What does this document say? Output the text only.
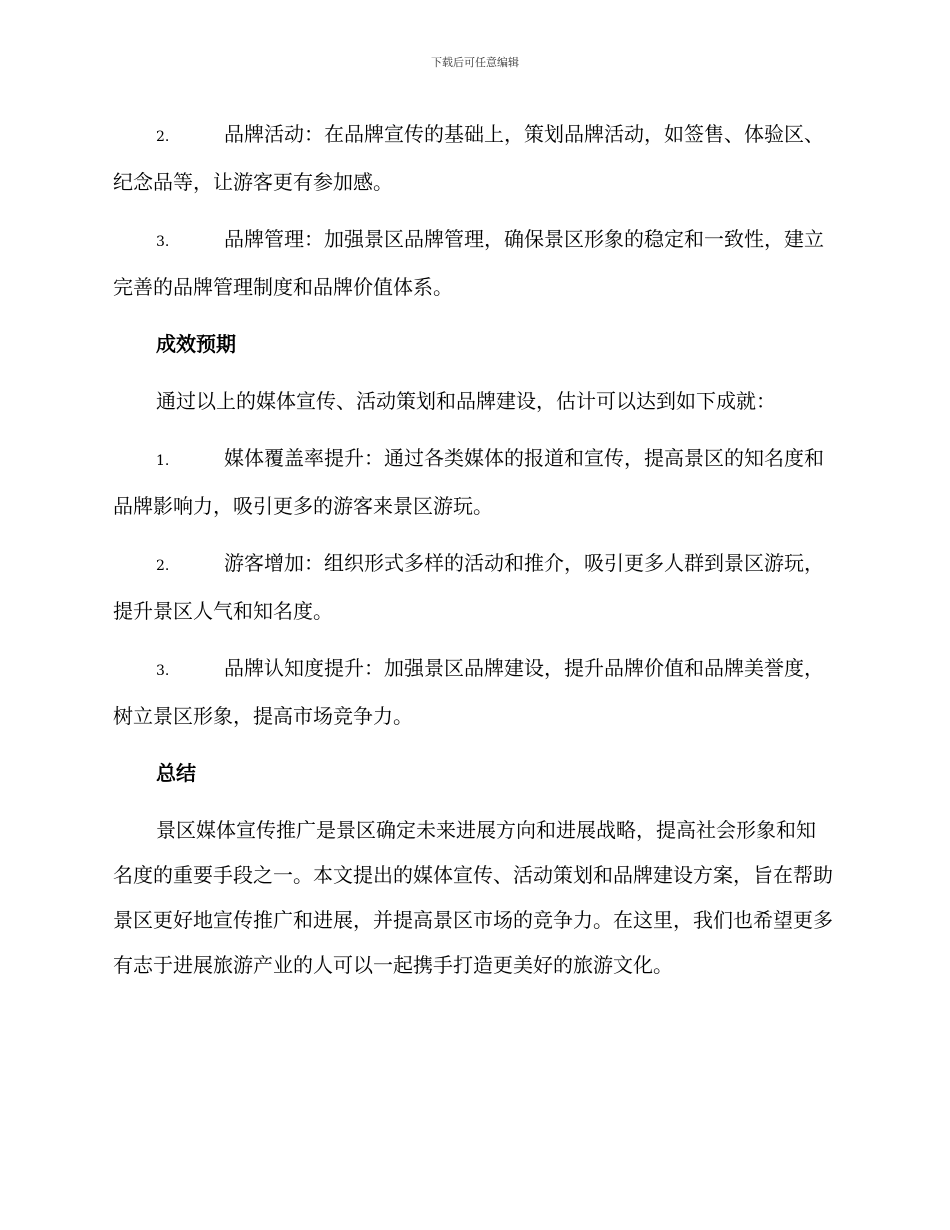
下载后可任意编辑

2.	品牌活动：在品牌宣传的基础上，策划品牌活动，如签售、体验区、纪念品等，让游客更有参加感。

3.	品牌管理：加强景区品牌管理，确保景区形象的稳定和一致性，建立完善的品牌管理制度和品牌价值体系。

成效预期

通过以上的媒体宣传、活动策划和品牌建设，估计可以达到如下成就：

1.	媒体覆盖率提升：通过各类媒体的报道和宣传，提高景区的知名度和品牌影响力，吸引更多的游客来景区游玩。

2.	游客增加：组织形式多样的活动和推介，吸引更多人群到景区游玩，提升景区人气和知名度。

3.	品牌认知度提升：加强景区品牌建设，提升品牌价值和品牌美誉度，树立景区形象，提高市场竞争力。

总结

景区媒体宣传推广是景区确定未来进展方向和进展战略，提高社会形象和知名度的重要手段之一。本文提出的媒体宣传、活动策划和品牌建设方案，旨在帮助景区更好地宣传推广和进展，并提高景区市场的竞争力。在这里，我们也希望更多有志于进展旅游产业的人可以一起携手打造更美好的旅游文化。
